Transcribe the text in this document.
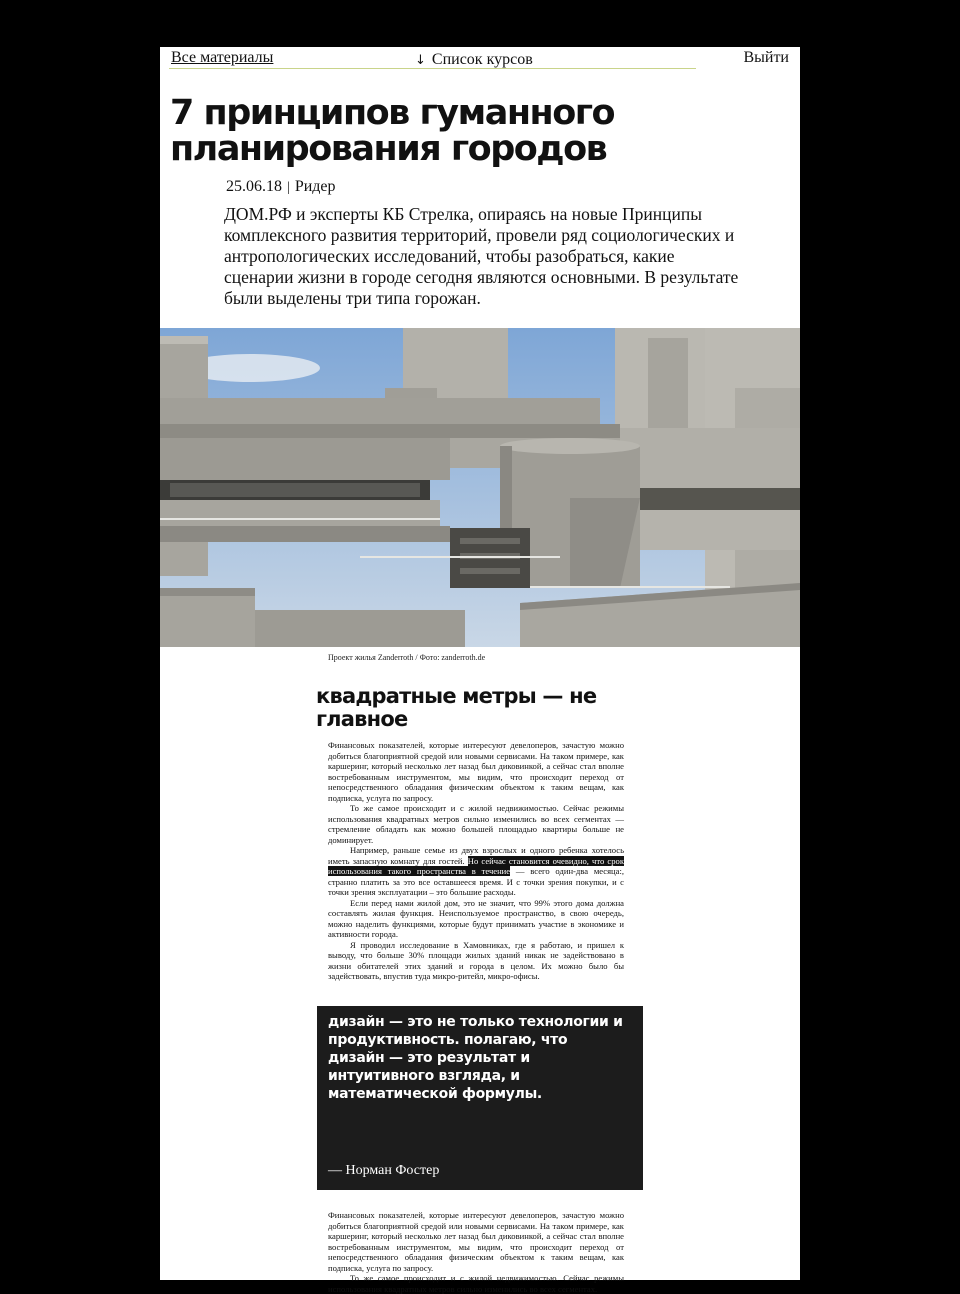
Все материалы	↓ Список курсов	Выйти
7 принципов гуманного планирования городов
25.06.18 | Ридер

ДОМ.РФ и эксперты КБ Стрелка, опираясь на новые Принципы комплексного развития территорий, провели ряд социологических и антропологических исследований, чтобы разобраться, какие сценарии жизни в городе сегодня являются основными. В результате были выделены три типа горожан.

Проект жилья Zanderroth / Фото: zanderroth.de
квадратные метры — не главное

Финансовых показателей, которые интересуют девелоперов, зачастую можно добиться благоприятной средой или новыми сервисами. На таком примере, как каршеринг, который несколько лет назад был диковинкой, а сейчас стал вполне востребованным инструментом, мы видим, что происходит переход от непосредственного обладания физическим объектом к таким вещам, как подписка, услуга по запросу.

То же самое происходит и с жилой недвижимостью. Сейчас режимы использования квадратных метров сильно изменились во всех сегментах — стремление обладать как можно большей площадью квартиры больше не доминирует.

Например, раньше семье из двух взрослых и одного ребенка хотелось иметь запасную комнату для гостей. Но сейчас становится очевидно, что срок использования такого пространства в течение — всего один-два месяца:, странно платить за это все оставшееся время. И с точки зрения покупки, и с точки зрения эксплуатации – это большие расходы.

Если перед нами жилой дом, это не значит, что 99% этого дома должна составлять жилая функция. Неиспользуемое пространство, в свою очередь, можно наделить функциями, которые будут принимать участие в экономике и активности города.

Я проводил исследование в Хамовниках, где я работаю, и пришел к выводу, что больше 30% площади жилых зданий никак не задействовано в жизни обитателей этих зданий и города в целом. Их можно было бы задействовать, впустив туда микро-ритейл, микро-офисы.

дизайн — это не только технологии и продуктивность. полагаю, что дизайн — это результат и интуитивного взгляда, и математической формулы.

— Норман Фостер

Финансовых показателей, которые интересуют девелоперов, зачастую можно добиться благоприятной средой или новыми сервисами. На таком примере, как каршеринг, который несколько лет назад был диковинкой, а сейчас стал вполне востребованным инструментом, мы видим, что происходит переход от непосредственного обладания физическим объектом к таким вещам, как подписка, услуга по запросу.

То же самое происходит и с жилой недвижимостью. Сейчас режимы использования квадратных метров сильно изменились во всех сегментах.
